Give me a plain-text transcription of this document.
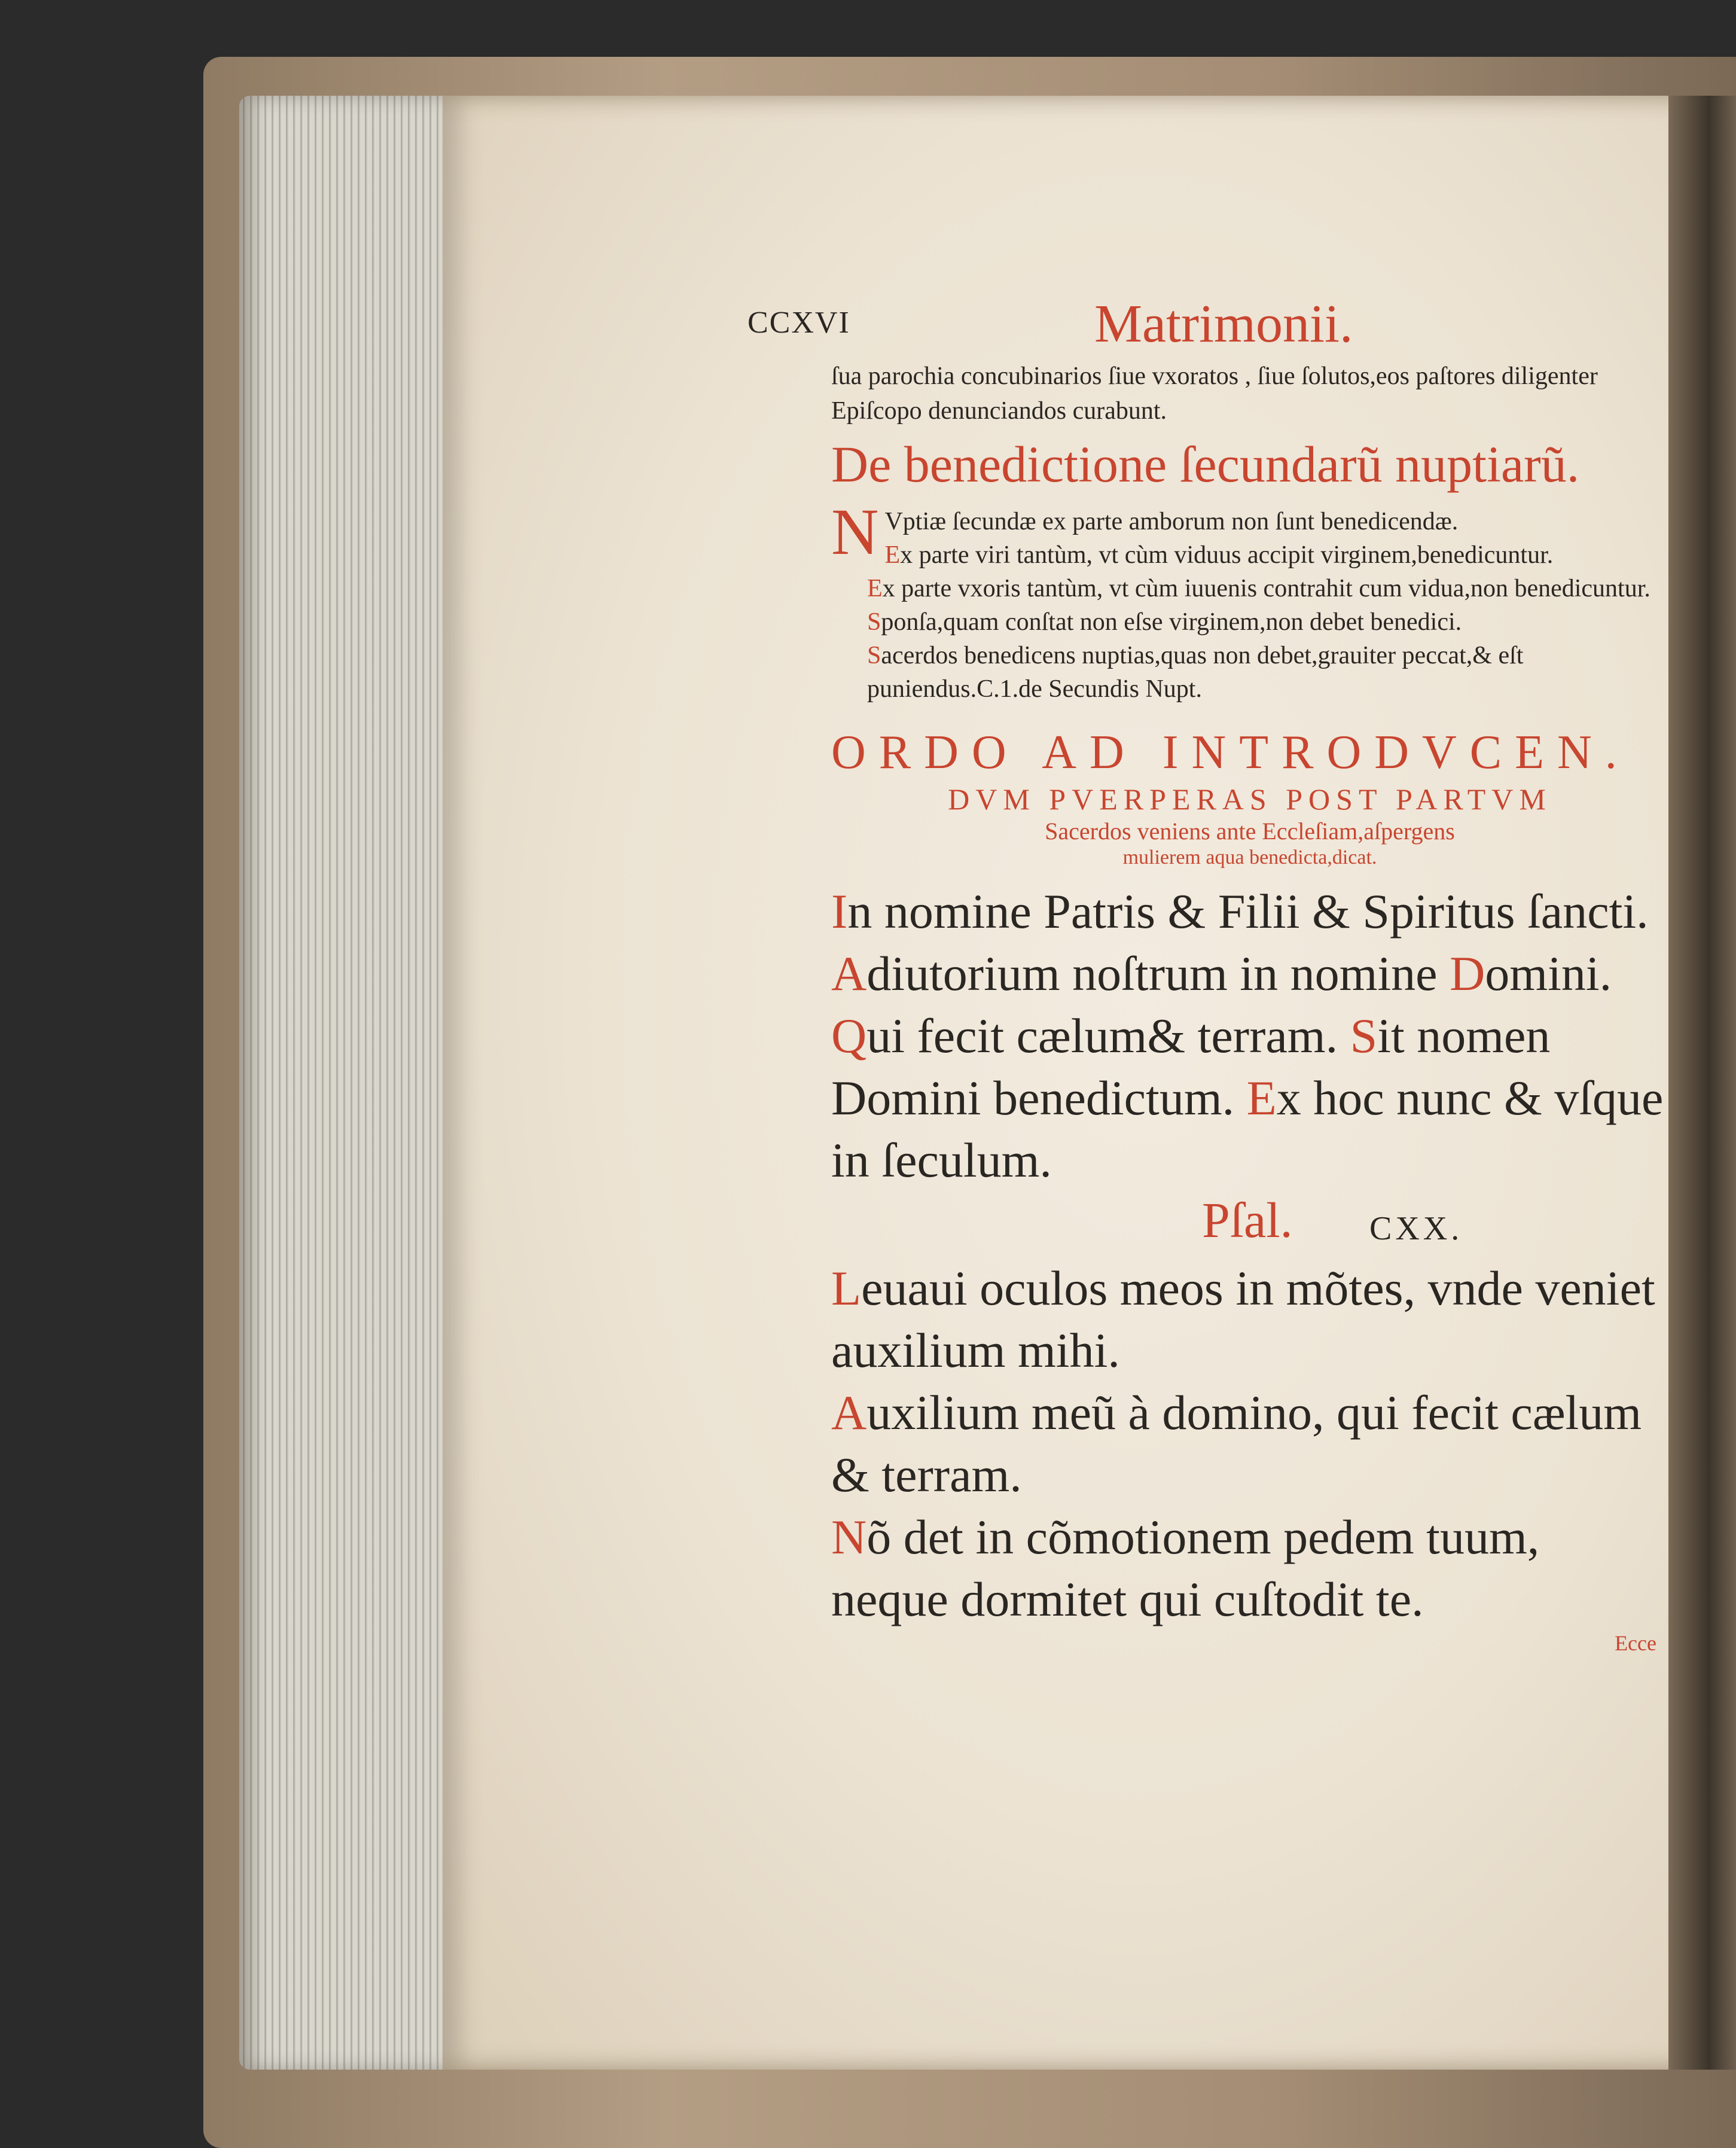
CCXVI	Matrimonii.

ſua parochia concubinarios ſiue vxoratos , ſiue ſolutos,eos paſtores diligenter Epiſcopo denunciandos curabunt.

De benedictione ſecundarũ nuptiarũ.

N Vptiæ ſecundæ ex parte amborum non ſunt benedicendæ.

Ex parte viri tantùm, vt cùm viduus accipit virginem,benedicuntur.

Ex parte vxoris tantùm, vt cùm iuuenis contrahit cum vidua,non benedicuntur.

Sponſa,quam conſtat non eſse virginem,non debet benedici.

Sacerdos benedicens nuptias,quas non debet,grauiter peccat,& eſt puniendus.C.1.de Secundis Nupt.

ORDO AD INTRODVCEN.
DVM PVERPERAS POST PARTVM
Sacerdos veniens ante Eccleſiam,aſpergens
mulierem aqua benedicta,dicat.

In nomine Patris & Filii & Spiritus ſancti. Adiutorium noſtrum in nomine Domini. Qui fecit cælum& terram. Sit nomen Domini benedictum. Ex hoc nunc & vſque in ſeculum.

Pſal. CXX.

Leuaui oculos meos in mõtes, vnde veniet auxilium mihi.

Auxilium meũ à domino, qui fecit cælum & terram.

Nõ det in cõmotionem pedem tuum, neque dormitet qui cuſtodit te.

Ecce
